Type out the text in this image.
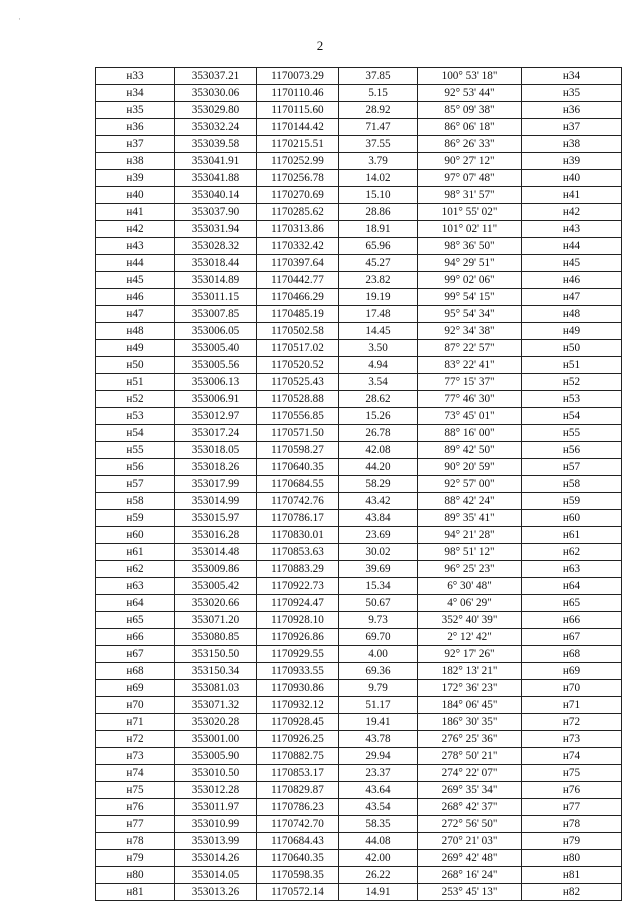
·
2
н33	353037.21	1170073.29	37.85	100° 53' 18"	н34
н34	353030.06	1170110.46	5.15	92° 53' 44"	н35
н35	353029.80	1170115.60	28.92	85° 09' 38"	н36
н36	353032.24	1170144.42	71.47	86° 06' 18"	н37
н37	353039.58	1170215.51	37.55	86° 26' 33"	н38
н38	353041.91	1170252.99	3.79	90° 27' 12"	н39
н39	353041.88	1170256.78	14.02	97° 07' 48"	н40
н40	353040.14	1170270.69	15.10	98° 31' 57"	н41
н41	353037.90	1170285.62	28.86	101° 55' 02"	н42
н42	353031.94	1170313.86	18.91	101° 02' 11"	н43
н43	353028.32	1170332.42	65.96	98° 36' 50"	н44
н44	353018.44	1170397.64	45.27	94° 29' 51"	н45
н45	353014.89	1170442.77	23.82	99° 02' 06"	н46
н46	353011.15	1170466.29	19.19	99° 54' 15"	н47
н47	353007.85	1170485.19	17.48	95° 54' 34"	н48
н48	353006.05	1170502.58	14.45	92° 34' 38"	н49
н49	353005.40	1170517.02	3.50	87° 22' 57"	н50
н50	353005.56	1170520.52	4.94	83° 22' 41"	н51
н51	353006.13	1170525.43	3.54	77° 15' 37"	н52
н52	353006.91	1170528.88	28.62	77° 46' 30"	н53
н53	353012.97	1170556.85	15.26	73° 45' 01"	н54
н54	353017.24	1170571.50	26.78	88° 16' 00"	н55
н55	353018.05	1170598.27	42.08	89° 42' 50"	н56
н56	353018.26	1170640.35	44.20	90° 20' 59"	н57
н57	353017.99	1170684.55	58.29	92° 57' 00"	н58
н58	353014.99	1170742.76	43.42	88° 42' 24"	н59
н59	353015.97	1170786.17	43.84	89° 35' 41"	н60
н60	353016.28	1170830.01	23.69	94° 21' 28"	н61
н61	353014.48	1170853.63	30.02	98° 51' 12"	н62
н62	353009.86	1170883.29	39.69	96° 25' 23"	н63
н63	353005.42	1170922.73	15.34	6° 30' 48"	н64
н64	353020.66	1170924.47	50.67	4° 06' 29"	н65
н65	353071.20	1170928.10	9.73	352° 40' 39"	н66
н66	353080.85	1170926.86	69.70	2° 12' 42"	н67
н67	353150.50	1170929.55	4.00	92° 17' 26"	н68
н68	353150.34	1170933.55	69.36	182° 13' 21"	н69
н69	353081.03	1170930.86	9.79	172° 36' 23"	н70
н70	353071.32	1170932.12	51.17	184° 06' 45"	н71
н71	353020.28	1170928.45	19.41	186° 30' 35"	н72
н72	353001.00	1170926.25	43.78	276° 25' 36"	н73
н73	353005.90	1170882.75	29.94	278° 50' 21"	н74
н74	353010.50	1170853.17	23.37	274° 22' 07"	н75
н75	353012.28	1170829.87	43.64	269° 35' 34"	н76
н76	353011.97	1170786.23	43.54	268° 42' 37"	н77
н77	353010.99	1170742.70	58.35	272° 56' 50"	н78
н78	353013.99	1170684.43	44.08	270° 21' 03"	н79
н79	353014.26	1170640.35	42.00	269° 42' 48"	н80
н80	353014.05	1170598.35	26.22	268° 16' 24"	н81
н81	353013.26	1170572.14	14.91	253° 45' 13"	н82
